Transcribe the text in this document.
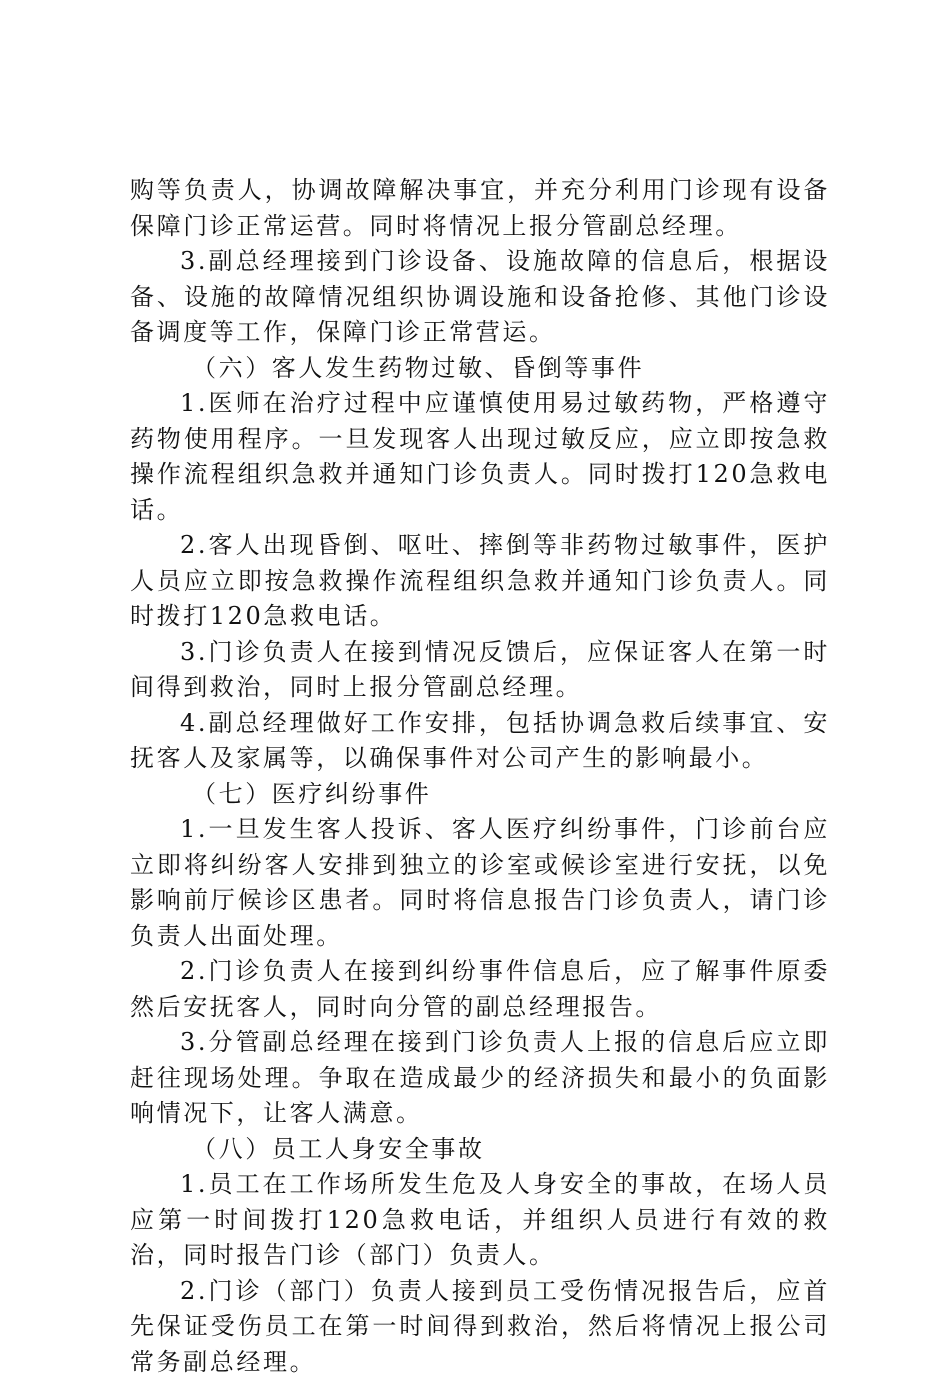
购等负责人，协调故障解决事宜，并充分利用门诊现有设备保障门诊正常运营。同时将情况上报分管副总经理。

3.副总经理接到门诊设备、设施故障的信息后，根据设备、设施的故障情况组织协调设施和设备抢修、其他门诊设备调度等工作，保障门诊正常营运。

（六）客人发生药物过敏、昏倒等事件

1.医师在治疗过程中应谨慎使用易过敏药物，严格遵守药物使用程序。一旦发现客人出现过敏反应，应立即按急救操作流程组织急救并通知门诊负责人。同时拨打120急救电话。

2.客人出现昏倒、呕吐、摔倒等非药物过敏事件，医护人员应立即按急救操作流程组织急救并通知门诊负责人。同时拨打120急救电话。

3.门诊负责人在接到情况反馈后，应保证客人在第一时间得到救治，同时上报分管副总经理。

4.副总经理做好工作安排，包括协调急救后续事宜、安抚客人及家属等，以确保事件对公司产生的影响最小。

（七）医疗纠纷事件

1.一旦发生客人投诉、客人医疗纠纷事件，门诊前台应立即将纠纷客人安排到独立的诊室或候诊室进行安抚，以免影响前厅候诊区患者。同时将信息报告门诊负责人，请门诊负责人出面处理。

2.门诊负责人在接到纠纷事件信息后，应了解事件原委然后安抚客人，同时向分管的副总经理报告。

3.分管副总经理在接到门诊负责人上报的信息后应立即赶往现场处理。争取在造成最少的经济损失和最小的负面影响情况下，让客人满意。

（八）员工人身安全事故

1.员工在工作场所发生危及人身安全的事故，在场人员应第一时间拨打120急救电话，并组织人员进行有效的救治，同时报告门诊（部门）负责人。

2.门诊（部门）负责人接到员工受伤情况报告后，应首先保证受伤员工在第一时间得到救治，然后将情况上报公司常务副总经理。
